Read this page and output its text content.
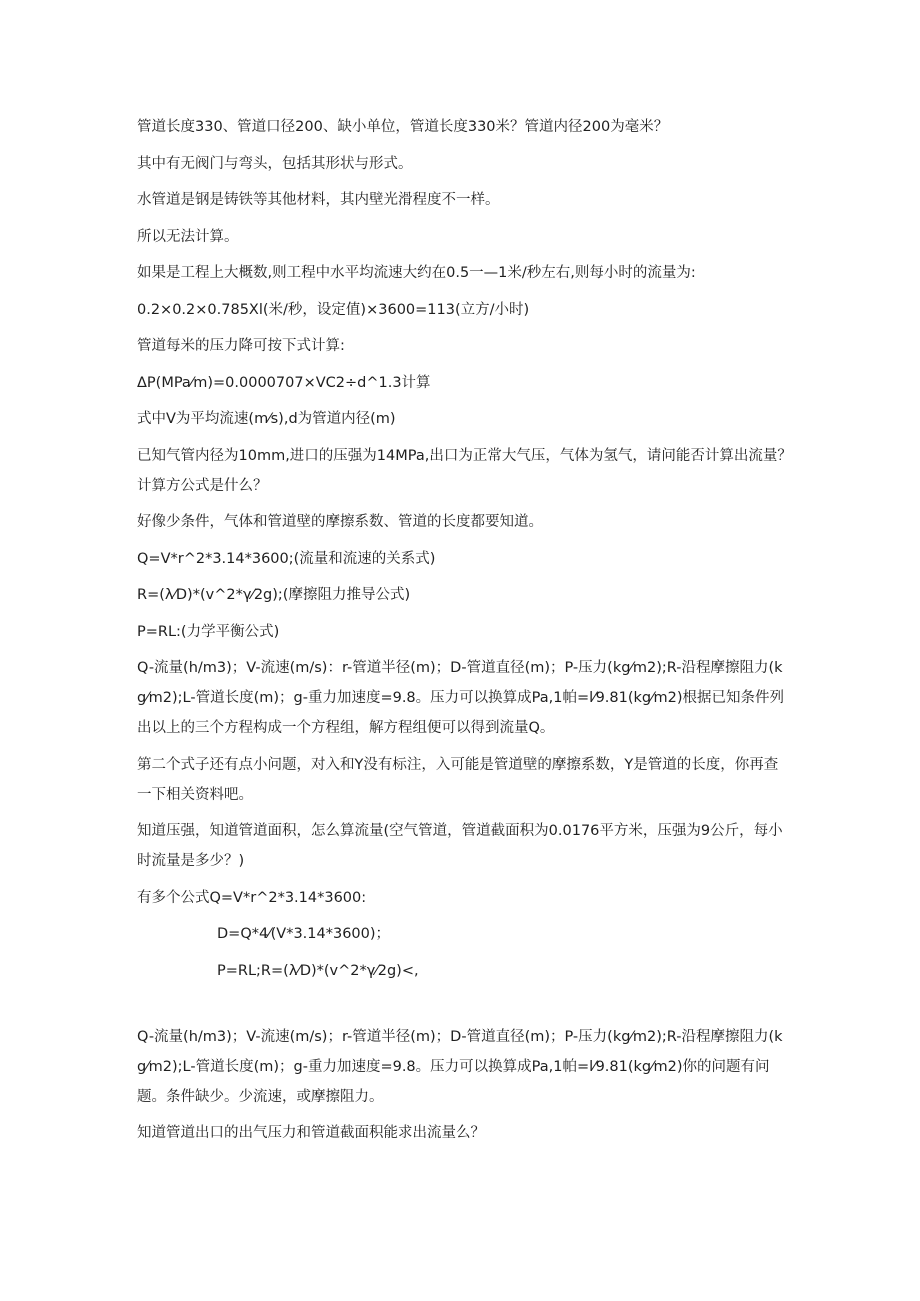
管道长度330、管道口径200、缺小单位，管道长度330米？管道内径200为毫米？

其中有无阀门与弯头，包括其形状与形式。

水管道是钢是铸铁等其他材料，其内壁光滑程度不一样。

所以无法计算。

如果是工程上大概数,则工程中水平均流速大约在0.5一—1米/秒左右,则每小时的流量为:

0.2×0.2×0.785Xl(米/秒，设定值)×3600=113(立方/小时)

管道每米的压力降可按下式计算:

ΔP(MPa⁄m)=0.0000707×VC2÷d^1.3计算

式中V为平均流速(m⁄s),d为管道内径(m)

已知气管内径为10mm,进口的压强为14MPa,出口为正常大气压，气体为氢气，请问能否计算出流量？计算方公式是什么？

好像少条件，气体和管道壁的摩擦系数、管道的长度都要知道。

Q=V*r^2*3.14*3600;(流量和流速的关系式)

R=(λ⁄D)*(v^2*γ⁄2g);(摩擦阻力推导公式)

P=RL:(力学平衡公式)

Q-流量(h/m3)；V-流速(m/s)：r-管道半径(m)；D-管道直径(m)；P-压力(kg⁄m2);R-沿程摩擦阻力(kg⁄m2);L-管道长度(m)；g-重力加速度=9.8。压力可以换算成Pa,1帕=l⁄9.81(kg⁄m2)根据已知条件列出以上的三个方程构成一个方程组，解方程组便可以得到流量Q。

第二个式子还有点小问题，对入和Y没有标注，入可能是管道壁的摩擦系数，Y是管道的长度，你再查一下相关资料吧。

知道压强，知道管道面积，怎么算流量(空气管道，管道截面积为0.0176平方米，压强为9公斤，每小时流量是多少？)

有多个公式Q=V*r^2*3.14*3600:

D=Q*4⁄(V*3.14*3600)；

P=RL;R=(λ⁄D)*(v^2*γ⁄2g)<,

Q-流量(h/m3)；V-流速(m/s)；r-管道半径(m)；D-管道直径(m)；P-压力(kg⁄m2);R-沿程摩擦阻力(kg⁄m2);L-管道长度(m)；g-重力加速度=9.8。压力可以换算成Pa,1帕=l⁄9.81(kg⁄m2)你的问题有问题。条件缺少。少流速，或摩擦阻力。

知道管道出口的出气压力和管道截面积能求出流量么？
